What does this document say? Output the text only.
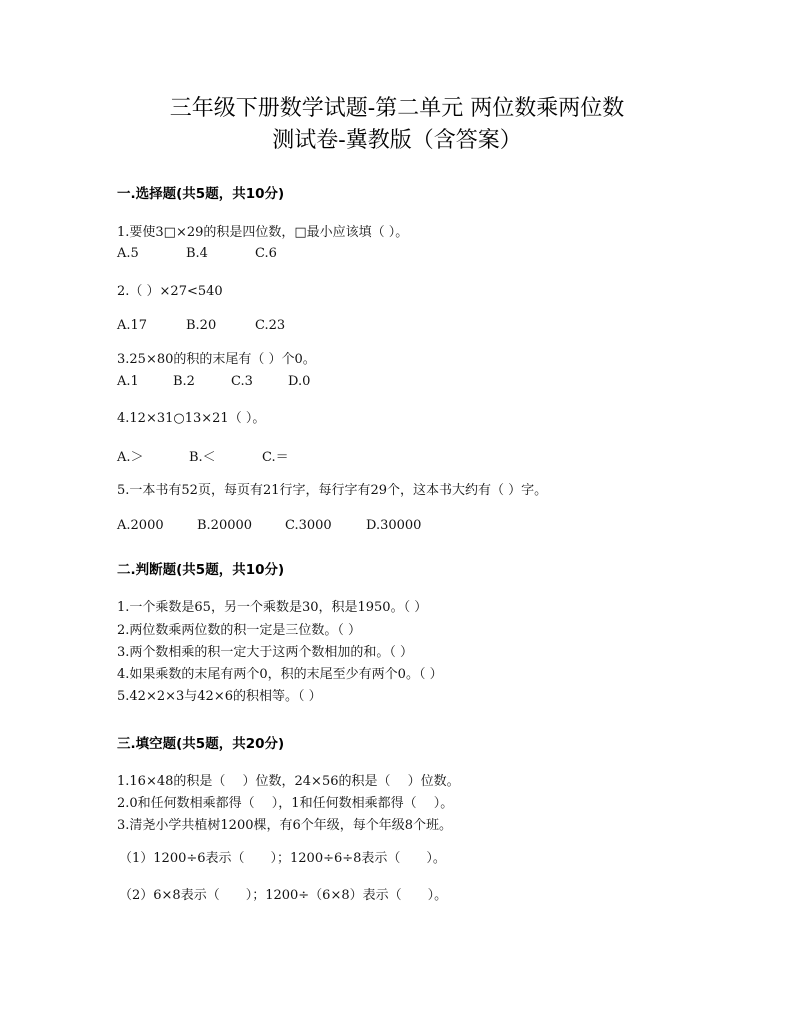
三年级下册数学试题-第二单元 两位数乘两位数
测试卷-冀教版（含答案）
一.选择题(共5题，共10分)
1.要使3□×29的积是四位数，□最小应该填（ ）。
A.5	B.4	C.6
2.（ ）×27<540
A.17	B.20	C.23
3.25×80的积的末尾有（ ）个0。
A.1	B.2	C.3	D.0
4.12×31○13×21（ ）。
A.＞	B.＜	C.＝
5.一本书有52页，每页有21行字，每行字有29个，这本书大约有（ ）字。
A.2000	B.20000	C.3000	D.30000
二.判断题(共5题，共10分)
1.一个乘数是65，另一个乘数是30，积是1950。（ ）
2.两位数乘两位数的积一定是三位数。（ ）
3.两个数相乘的积一定大于这两个数相加的和。（ ）
4.如果乘数的末尾有两个0，积的末尾至少有两个0。（ ）
5.42×2×3与42×6的积相等。（ ）
三.填空题(共5题，共20分)
1.16×48的积是（　 ）位数，24×56的积是（　 ）位数。
2.0和任何数相乘都得（　 ），1和任何数相乘都得（　 ）。
3.清尧小学共植树1200棵，有6个年级，每个年级8个班。
（1）1200÷6表示（　　）；1200÷6÷8表示（　　）。
（2）6×8表示（　　）；1200÷（6×8）表示（　　）。
